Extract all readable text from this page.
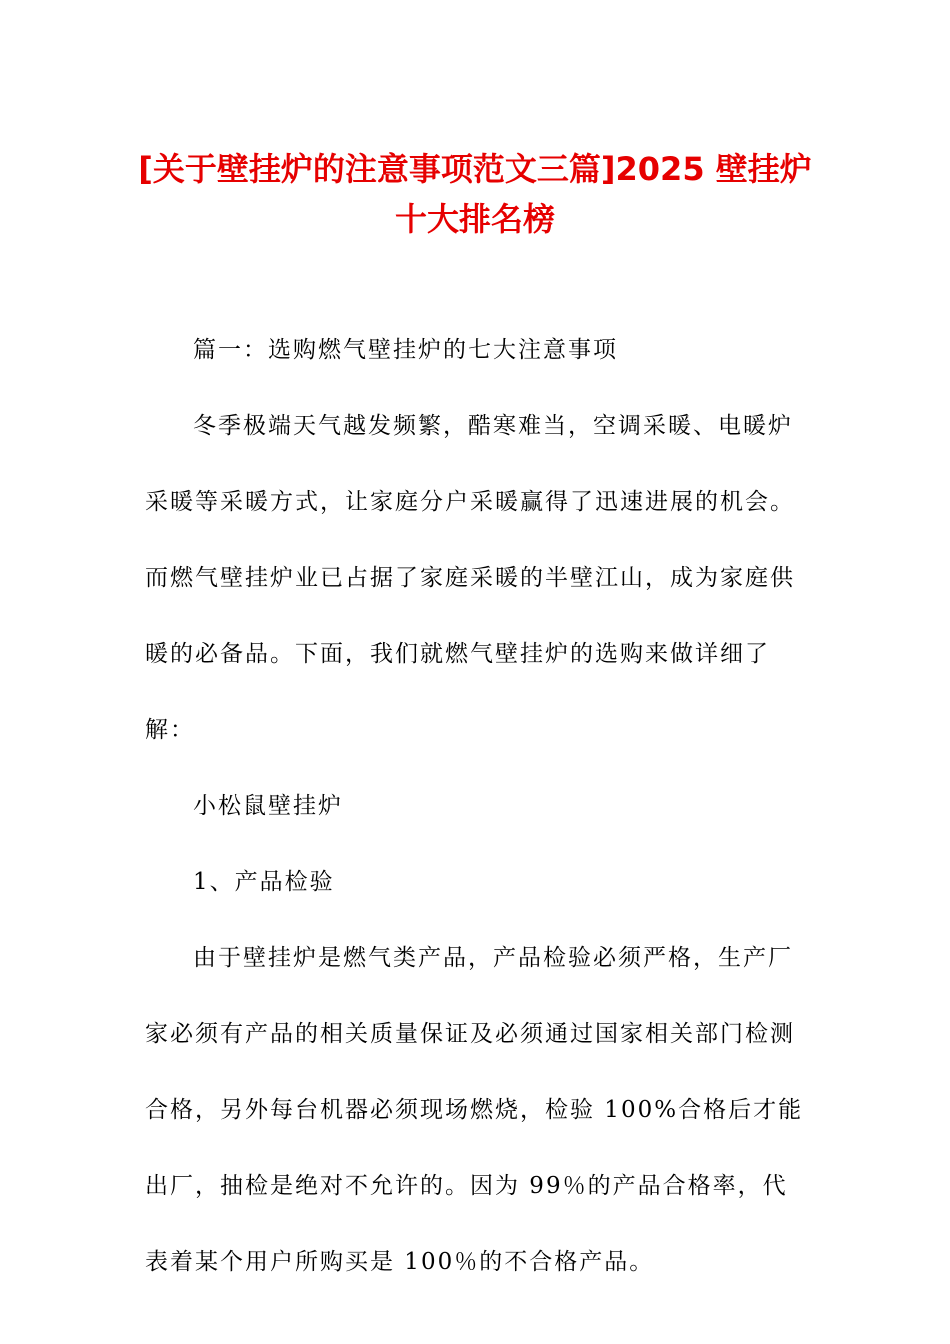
[关于壁挂炉的注意事项范文三篇]2025 壁挂炉十大排名榜

篇一：选购燃气壁挂炉的七大注意事项

冬季极端天气越发频繁，酷寒难当，空调采暖、电暖炉采暖等采暖方式，让家庭分户采暖赢得了迅速进展的机会。而燃气壁挂炉业已占据了家庭采暖的半壁江山，成为家庭供暖的必备品。下面，我们就燃气壁挂炉的选购来做详细了解：

小松鼠壁挂炉

1、产品检验

由于壁挂炉是燃气类产品，产品检验必须严格，生产厂家必须有产品的相关质量保证及必须通过国家相关部门检测合格，另外每台机器必须现场燃烧，检验 100%合格后才能出厂，抽检是绝对不允许的。因为 99％的产品合格率，代表着某个用户所购买是 100％的不合格产品。
